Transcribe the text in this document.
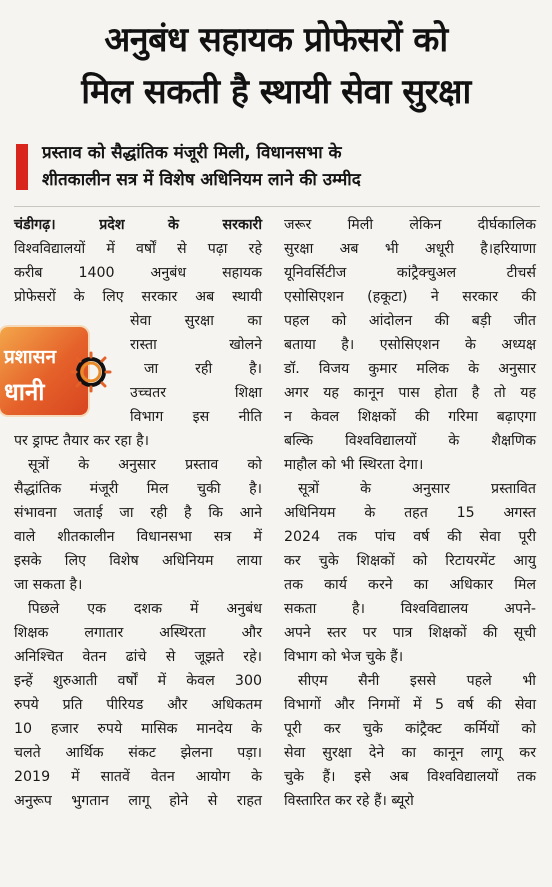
अनुबंध सहायक प्रोफेसरों को
मिल सकती है स्थायी सेवा सुरक्षा
प्रस्ताव को सैद्धांतिक मंजूरी मिली, विधानसभा के
शीतकालीन सत्र में विशेष अधिनियम लाने की उम्मीद
प्रशासन
धानी
चंडीगढ़। प्रदेश के सरकारी
विश्वविद्यालयों में वर्षों से पढ़ा रहे
करीब 1400 अनुबंध सहायक
प्रोफेसरों के लिए सरकार अब स्थायी
सेवा सुरक्षा का
रास्ता खोलने
जा रही है।
उच्चतर शिक्षा
विभाग इस नीति
पर ड्राफ्ट तैयार कर रहा है।
सूत्रों के अनुसार प्रस्ताव को
सैद्धांतिक मंजूरी मिल चुकी है।
संभावना जताई जा रही है कि आने
वाले शीतकालीन विधानसभा सत्र में
इसके लिए विशेष अधिनियम लाया
जा सकता है।
पिछले एक दशक में अनुबंध
शिक्षक लगातार अस्थिरता और
अनिश्चित वेतन ढांचे से जूझते रहे।
इन्हें शुरुआती वर्षों में केवल 300
रुपये प्रति पीरियड और अधिकतम
10 हजार रुपये मासिक मानदेय के
चलते आर्थिक संकट झेलना पड़ा।
2019 में सातवें वेतन आयोग के
अनुरूप भुगतान लागू होने से राहत
जरूर मिली लेकिन दीर्घकालिक
सुरक्षा अब भी अधूरी है।हरियाणा
यूनिवर्सिटीज कांट्रैक्चुअल टीचर्स
एसोसिएशन (हकूटा) ने सरकार की
पहल को आंदोलन की बड़ी जीत
बताया है। एसोसिएशन के अध्यक्ष
डॉ. विजय कुमार मलिक के अनुसार
अगर यह कानून पास होता है तो यह
न केवल शिक्षकों की गरिमा बढ़ाएगा
बल्कि विश्वविद्यालयों के शैक्षणिक
माहौल को भी स्थिरता देगा।
सूत्रों के अनुसार प्रस्तावित
अधिनियम के तहत 15 अगस्त
2024 तक पांच वर्ष की सेवा पूरी
कर चुके शिक्षकों को रिटायरमेंट आयु
तक कार्य करने का अधिकार मिल
सकता है। विश्वविद्यालय अपने-
अपने स्तर पर पात्र शिक्षकों की सूची
विभाग को भेज चुके हैं।
सीएम सैनी इससे पहले भी
विभागों और निगमों में 5 वर्ष की सेवा
पूरी कर चुके कांट्रैक्ट कर्मियों को
सेवा सुरक्षा देने का कानून लागू कर
चुके हैं। इसे अब विश्वविद्यालयों तक
विस्तारित कर रहे हैं। ब्यूरो
